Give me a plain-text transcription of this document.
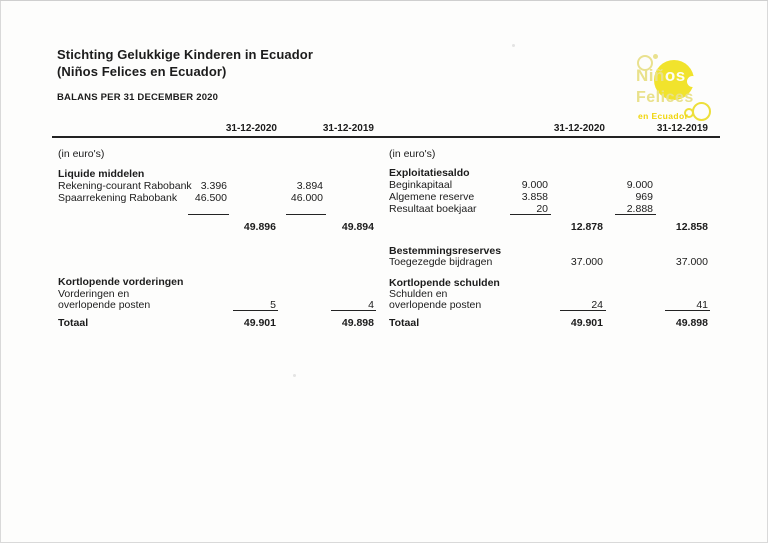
Stichting Gelukkige Kinderen in Ecuador
(Niños Felices en Ecuador)
BALANS PER 31 DECEMBER 2020
Niños
Felices
en Ecuador
31-12-2020	31-12-2019	31-12-2020	31-12-2019
(in euro's)
Liquide middelen
Rekening-courant Rabobank 3.396	3.894
Spaarrekening Rabobank	46.500	46.000
49.896	49.894
Kortlopende vorderingen
Vorderingen en
overlopende posten	5	4
Totaal	49.901	49.898
(in euro's)
Exploitatiesaldo
Beginkapitaal	9.000	9.000
Algemene reserve	3.858	969
Resultaat boekjaar	20	2.888
12.878	12.858
Bestemmingsreserves
Toegezegde bijdragen	37.000	37.000
Kortlopende schulden
Schulden en
overlopende posten	24	41
Totaal	49.901	49.898
